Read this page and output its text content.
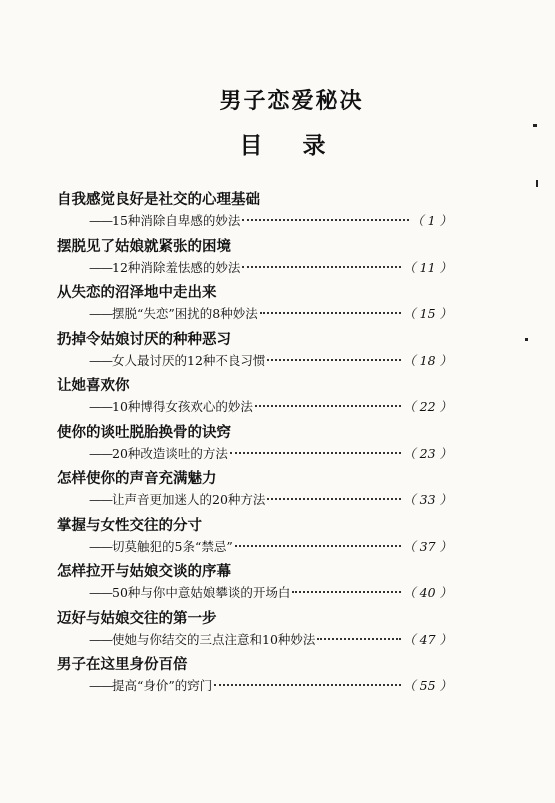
男子恋爱秘决
目录
自我感觉良好是社交的心理基础
—— 15种消除自卑感的妙法	（ 1 ）
摆脱见了姑娘就紧张的困境
—— 12种消除羞怯感的妙法	（ 11 ）
从失恋的沼泽地中走出来
—— 摆脱“失恋”困扰的8种妙法	（ 15 ）
扔掉令姑娘讨厌的种种恶习
—— 女人最讨厌的12种不良习惯	（ 18 ）
让她喜欢你
—— 10种博得女孩欢心的妙法	（ 22 ）
使你的谈吐脱胎换骨的诀窍
—— 20种改造谈吐的方法	（ 23 ）
怎样使你的声音充满魅力
—— 让声音更加迷人的20种方法	（ 33 ）
掌握与女性交往的分寸
—— 切莫触犯的5条“禁忌”	（ 37 ）
怎样拉开与姑娘交谈的序幕
—— 50种与你中意姑娘攀谈的开场白	（ 40 ）
迈好与姑娘交往的第一步
—— 使她与你结交的三点注意和10种妙法	（ 47 ）
男子在这里身份百倍
—— 提高“身价”的窍门	（ 55 ）
